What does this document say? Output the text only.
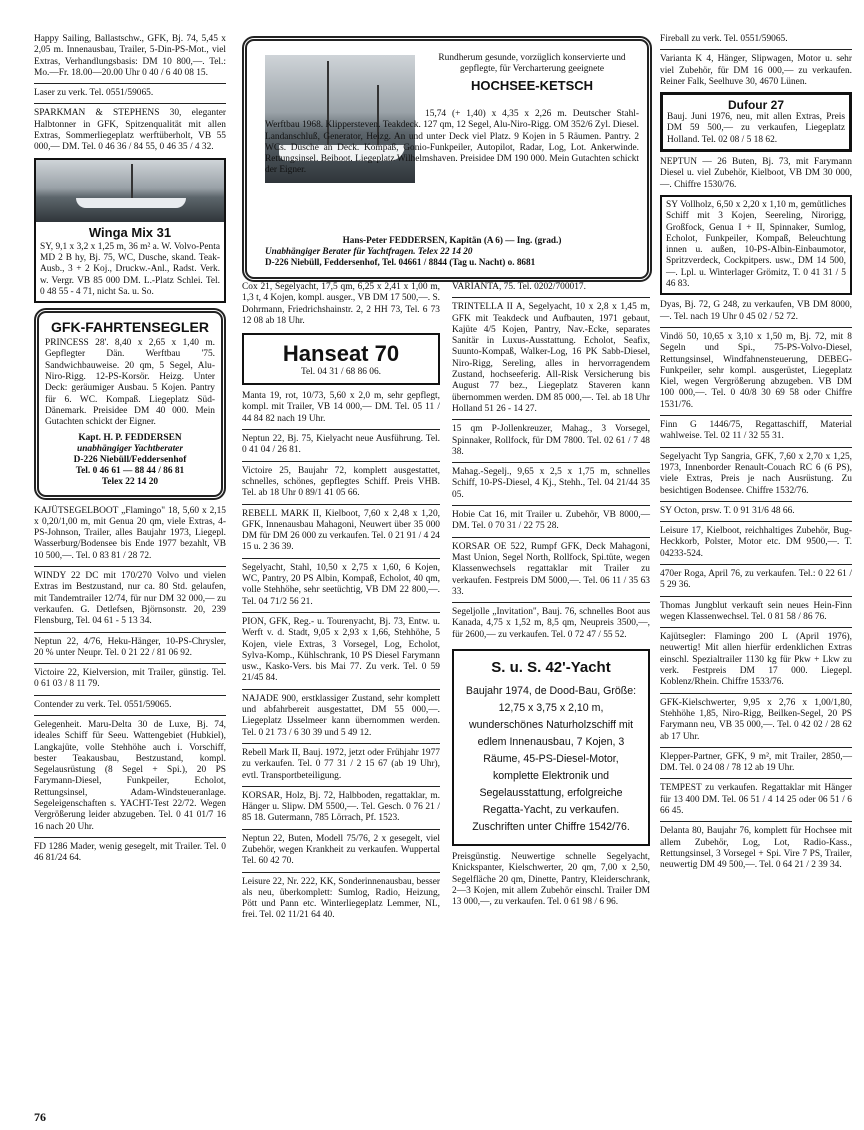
Happy Sailing, Ballastschw., GFK, Bj. 74, 5,45 x 2,05 m. Innenausbau, Trailer, 5-Din-PS-Mot., viel Extras, Verhandlungsbasis: DM 10 800,—. Tel.: Mo.—Fr. 18.00—20.00 Uhr 0 40 / 6 40 08 15.

Laser zu verk. Tel. 0551/59065.

SPARKMAN & STEPHENS 30, eleganter Halbtonner in GFK, Spitzenqualität mit allen Extras, Sommerliegeplatz werftüberholt, VB 55 000,— DM. Tel. 0 46 36 / 84 55, 0 46 35 / 4 32.

Winga Mix 31

SY, 9,1 x 3,2 x 1,25 m, 36 m² a. W. Volvo-Penta MD 2 B hy, Bj. 75, WC, Dusche, skand. Teak-Ausb., 3 + 2 Koj., Druckw.-Anl., Radst. Verk. w. Vergr. VB 85 000 DM. L.-Platz Schlei. Tel. 0 48 55 - 4 71, nicht Sa. u. So.

GFK-FAHRTENSEGLER

PRINCESS 28'. 8,40 x 2,65 x 1,40 m. Gepflegter Dän. Werftbau '75. Sandwichbauweise. 20 qm, 5 Segel, Alu-Niro-Rigg. 12-PS-Korsör. Heizg. Unter Deck: geräumiger Ausbau. 5 Kojen. Pantry für 6. WC. Kompaß. Liegeplatz Süd-Dänemark. Preisidee DM 40 000. Mein Gutachten schickt der Eigner.

Kapt. H. P. FEDDERSEN
unabhängiger Yachtberater
D-226 Niebüll/Feddersenhof
Tel. 0 46 61 — 88 44 / 86 81
Telex 22 14 20

KAJÜTSEGELBOOT „Flamingo" 18, 5,60 x 2,15 x 0,20/1,00 m, mit Genua 20 qm, viele Extras, 4-PS-Johnson, Trailer, alles Baujahr 1973, Liegepl. Wasserburg/Bodensee bis Ende 1977 bezahlt, VB 10 500,—. Tel. 0 83 81 / 28 72.

WINDY 22 DC mit 170/270 Volvo und vielen Extras im Bestzustand, nur ca. 80 Std. gelaufen, mit Tandemtrailer 12/74, für nur DM 32 000,— zu verkaufen. G. Detlefsen, Björnsonstr. 20, 239 Flensburg, Tel. 04 61 - 5 13 34.

Neptun 22, 4/76, Heku-Hänger, 10-PS-Chrysler, 20 % unter Neupr. Tel. 0 21 22 / 81 06 92.

Victoire 22, Kielversion, mit Trailer, günstig. Tel. 0 61 03 / 8 11 79.

Contender zu verk. Tel. 0551/59065.

Gelegenheit. Maru-Delta 30 de Luxe, Bj. 74, ideales Schiff für Seeu. Wattengebiet (Hubkiel), Langkajüte, volle Stehhöhe auch i. Vorschiff, bester Teakausbau, Bestzustand, kompl. Segelausrüstung (8 Segel + Spi.), 20 PS Farymann-Diesel, Funkpeiler, Echolot, Rettungsinsel, Adam-Windsteueranlage. Segeleigenschaften s. YACHT-Test 22/72. Wegen Vergrößerung leider abzugeben. Tel. 0 41 01/7 16 16 nach 20 Uhr.

FD 1286 Mader, wenig gesegelt, mit Trailer. Tel. 0 46 81/24 64.

Rundherum gesunde, vorzüglich konservierte und gepflegte, für Vercharterung geeignete

HOCHSEE-KETSCH

15,74 (+ 1,40) x 4,35 x 2,26 m. Deutscher Stahl-Werftbau 1968. Klippersteven. Teakdeck. 127 qm, 12 Segel, Alu-Niro-Rigg. OM 352/6 Zyl. Diesel. Landanschluß, Generator, Heizg. An und unter Deck viel Platz. 9 Kojen in 5 Räumen. Pantry. 2 WCs. Dusche an Deck. Kompaß, Gonio-Funkpeiler, Autopilot, Radar, Log, Lot. Ankerwinde. Rettungsinsel. Beiboot. Liegeplatz Wilhelmshaven. Preisidee DM 190 000. Mein Gutachten schickt der Eigner.

Hans-Peter FEDDERSEN, Kapitän (A 6) — Ing. (grad.)
Unabhängiger Berater für Yachtfragen. Telex 22 14 20
D-226 Niebüll, Feddersenhof, Tel. 04661 / 8844 (Tag u. Nacht) o. 8681

Cox 21, Segelyacht, 17,5 qm, 6,25 x 2,41 x 1,00 m, 1,3 t, 4 Kojen, kompl. ausger., VB DM 17 500,—. S. Dohrmann, Friedrichshainstr. 2, 2 HH 73, Tel. 6 73 12 08 ab 18 Uhr.

Hanseat 70
Tel. 04 31 / 68 86 06.

Manta 19, rot, 10/73, 5,60 x 2,0 m, sehr gepflegt, kompl. mit Trailer, VB 14 000,— DM. Tel. 05 11 / 44 84 82 nach 19 Uhr.

Neptun 22, Bj. 75, Kielyacht neue Ausführung. Tel. 0 41 04 / 26 81.

Victoire 25, Baujahr 72, komplett ausgestattet, schnelles, schönes, gepflegtes Schiff. Preis VHB. Tel. ab 18 Uhr 0 89/1 41 05 66.

REBELL MARK II, Kielboot, 7,60 x 2,48 x 1,20, GFK, Innenausbau Mahagoni, Neuwert über 35 000 DM für DM 26 000 zu verkaufen. Tel. 0 21 91 / 4 24 15 u. 2 36 39.

Segelyacht, Stahl, 10,50 x 2,75 x 1,60, 6 Kojen, WC, Pantry, 20 PS Albin, Kompaß, Echolot, 40 qm, volle Stehhöhe, sehr seetüchtig, VB DM 22 800,—. Tel. 04 71/2 56 21.

PION, GFK, Reg.- u. Tourenyacht, Bj. 73, Entw. u. Werft v. d. Stadt, 9,05 x 2,93 x 1,66, Stehhöhe, 5 Kojen, viele Extras, 3 Vorsegel, Log, Echolot, Sylva-Komp., Kühlschrank, 10 PS Diesel Farymann usw., Kasko-Vers. bis Mai 77. Zu verk. Tel. 0 59 21/45 84.

NAJADE 900, erstklassiger Zustand, sehr komplett und abfahrbereit ausgestattet, DM 55 000,—. Liegeplatz IJsselmeer kann übernommen werden. Tel. 0 21 73 / 6 30 39 und 5 49 12.

Rebell Mark II, Bauj. 1972, jetzt oder Frühjahr 1977 zu verkaufen. Tel. 0 77 31 / 2 15 67 (ab 19 Uhr), evtl. Transportbeteiligung.

KORSAR, Holz, Bj. 72, Halbboden, regattaklar, m. Hänger u. Slipw. DM 5500,—. Tel. Gesch. 0 76 21 / 85 18. Gutermann, 785 Lörrach, Pf. 1523.

Neptun 22, Buten, Modell 75/76, 2 x gesegelt, viel Zubehör, wegen Krankheit zu verkaufen. Wuppertal Tel. 60 42 70.

Leisure 22, Nr. 222, KK, Sonderinnenausbau, besser als neu, überkomplett: Sumlog, Radio, Heizung, Pött und Pann etc. Winterliegeplatz Lemmer, NL, frei. Tel. 02 11/21 64 40.

VARIANTA, 75. Tel. 0202/700017.

TRINTELLA II A, Segelyacht, 10 x 2,8 x 1,45 m, GFK mit Teakdeck und Aufbauten, 1971 gebaut, Kajüte 4/5 Kojen, Pantry, Nav.-Ecke, separates Sanitär in Luxus-Ausstattung. Echolot, Seafix, Suunto-Kompaß, Walker-Log, 16 PK Sabb-Diesel, Niro-Rigg, Sereling, alles in hervorragendem Zustand, hochseeferig. All-Risk Versicherung bis August 77 bez., Liegeplatz Staveren kann übernommen werden. DM 85 000,—. Tel. ab 18 Uhr Holland 51 26 - 14 27.

15 qm P-Jollenkreuzer, Mahag., 3 Vorsegel, Spinnaker, Rollfock, für DM 7800. Tel. 02 61 / 7 48 38.

Mahag.-Segelj., 9,65 x 2,5 x 1,75 m, schnelles Schiff, 10-PS-Diesel, 4 Kj., Stehh., Tel. 04 21/44 35 05.

Hobie Cat 16, mit Trailer u. Zubehör, VB 8000,— DM. Tel. 0 70 31 / 22 75 28.

KORSAR OE 522, Rumpf GFK, Deck Mahagoni, Mast Union, Segel North, Rollfock, Spi.tüte, wegen Klassenwechsels regattaklar mit Trailer zu verkaufen. Festpreis DM 5000,—. Tel. 06 11 / 35 63 33.

Segeljolle „Invitation", Bauj. 76, schnelles Boot aus Kanada, 4,75 x 1,52 m, 8,5 qm, Neupreis 3500,—, für 2600,— zu verkaufen. Tel. 0 72 47 / 55 52.

S. u. S. 42'-Yacht

Baujahr 1974, de Dood-Bau, Größe: 12,75 x 3,75 x 2,10 m, wunderschönes Naturholzschiff mit edlem Innenausbau, 7 Kojen, 3 Räume, 45-PS-Diesel-Motor, komplette Elektronik und Segelausstattung, erfolgreiche Regatta-Yacht, zu verkaufen. Zuschriften unter Chiffre 1542/76.

Preisgünstig. Neuwertige schnelle Segelyacht, Knickspanter, Kielschwerter, 20 qm, 7,00 x 2,50, Segelfläche 20 qm, Dinette, Pantry, Kleiderschrank, 2—3 Kojen, mit allem Zubehör einschl. Trailer DM 13 000,—, zu verkaufen. Tel. 0 61 98 / 6 96.

Fireball zu verk. Tel. 0551/59065.

Varianta K 4, Hänger, Slipwagen, Motor u. sehr viel Zubehör, für DM 16 000,— zu verkaufen. Reiner Falk, Seelhuve 30, 4670 Lünen.

Dufour 27

Bauj. Juni 1976, neu, mit allen Extras, Preis DM 59 500,— zu verkaufen, Liegeplatz Holland. Tel. 02 08 / 5 18 62.

NEPTUN — 26 Buten, Bj. 73, mit Farymann Diesel u. viel Zubehör, Kielboot, VB DM 30 000,—. Chiffre 1530/76.

SY Vollholz, 6,50 x 2,20 x 1,10 m, gemütliches Schiff mit 3 Kojen, Seereling, Nirorigg, Großfock, Genua I + II, Spinnaker, Sumlog, Echolot, Funkpeiler, Kompaß, Beleuchtung innen u. außen, 10-PS-Albin-Einbaumotor, Spritzverdeck, Cockpitpers. usw., DM 14 500,—. Lpl. u. Winterlager Grömitz, T. 0 41 31 / 5 46 83.

Dyas, Bj. 72, G 248, zu verkaufen, VB DM 8000,—. Tel. nach 19 Uhr 0 45 02 / 52 72.

Vindö 50, 10,65 x 3,10 x 1,50 m, Bj. 72, mit 8 Segeln und Spi., 75-PS-Volvo-Diesel, Rettungsinsel, Windfahnensteuerung, DEBEG-Funkpeiler, sehr kompl. ausgerüstet, Liegeplatz Kiel, wegen Vergrößerung abzugeben. VB DM 100 000,—. Tel. 0 40/8 30 69 58 oder Chiffre 1531/76.

Finn G 1446/75, Regattaschiff, Material wahlweise. Tel. 02 11 / 32 55 31.

Segelyacht Typ Sangria, GFK, 7,60 x 2,70 x 1,25, 1973, Innenborder Renault-Couach RC 6 (6 PS), viele Extras, Preis je nach Ausrüstung. Zu besichtigen Bodensee. Chiffre 1532/76.

SY Octon, prsw. T. 0 91 31/6 48 66.

Leisure 17, Kielboot, reichhaltiges Zubehör, Bug-Heckkorb, Polster, Motor etc. DM 9500,—. T. 04233-524.

470er Roga, April 76, zu verkaufen. Tel.: 0 22 61 / 5 29 36.

Thomas Jungblut verkauft sein neues Hein-Finn wegen Klassenwechsel. Tel. 0 81 58 / 86 76.

Kajütsegler: Flamingo 200 L (April 1976), neuwertig! Mit allen hierfür erdenklichen Extras einschl. Spezialtrailer 1130 kg für Pkw + Lkw zu verk. Festpreis DM 17 000. Liegepl. Koblenz/Rhein. Chiffre 1533/76.

GFK-Kielschwerter, 9,95 x 2,76 x 1,00/1,80, Stehhöhe 1,85, Niro-Rigg, Beilken-Segel, 20 PS Farymann neu, VB 35 000,—. Tel. 0 42 02 / 28 62 ab 17 Uhr.

Klepper-Partner, GFK, 9 m², mit Trailer, 2850,— DM. Tel. 0 24 08 / 78 12 ab 19 Uhr.

TEMPEST zu verkaufen. Regattaklar mit Hänger für 13 400 DM. Tel. 06 51 / 4 14 25 oder 06 51 / 6 66 45.

Delanta 80, Baujahr 76, komplett für Hochsee mit allem Zubehör, Log, Lot, Radio-Kass., Rettungsinsel, 3 Vorsegel + Spi. Vire 7 PS, Trailer, neuwertig DM 49 500,—. Tel. 0 64 21 / 2 39 34.

76
